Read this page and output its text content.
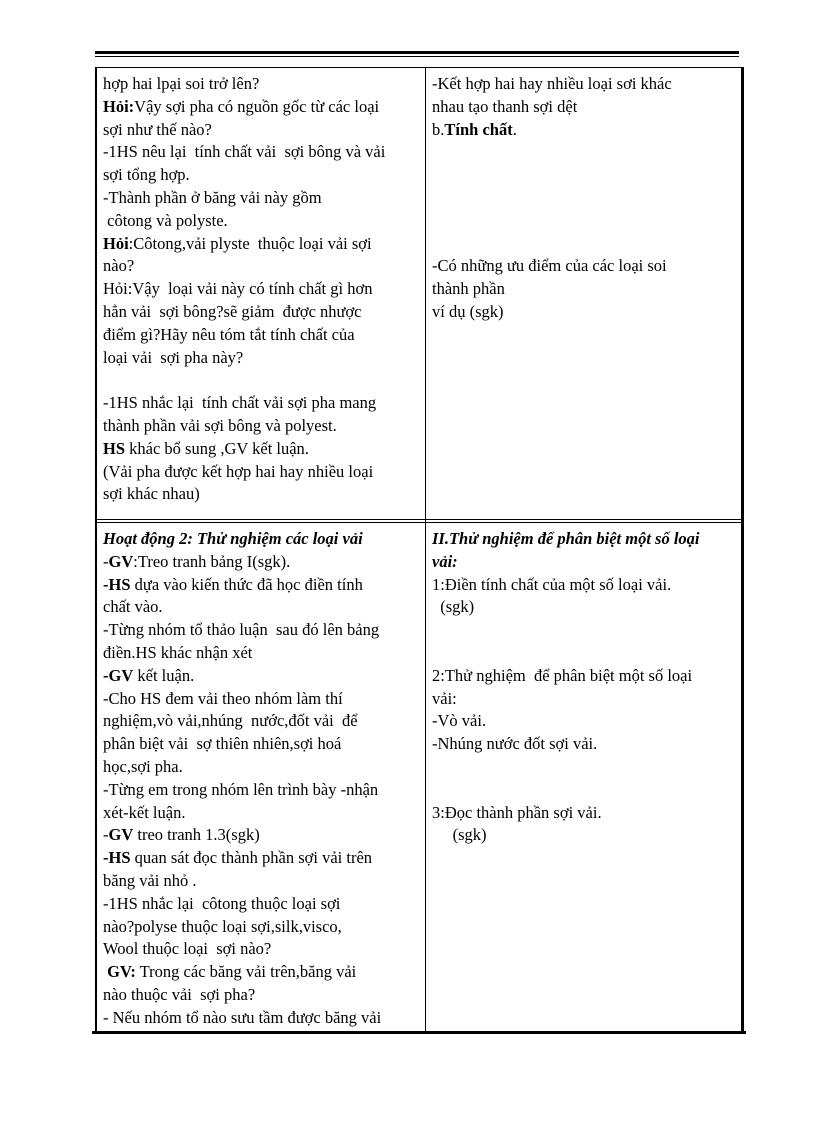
hợp hai lpại soi trở lên?
Hỏi:Vậy sợi pha có nguồn gốc từ các loại
sợi như thế nào?
-1HS nêu lại  tính chất vải  sợi bông và vải
sợi tổng hợp.
-Thành phần ở băng vải này gồm
côtong và polyste.
Hỏi:Côtong,vải plyste  thuộc loại vải sợi
nào?
Hỏi:Vậy  loại vải này có tính chất gì hơn
hẳn vải  sợi bông?sẽ giảm  được nhược
điểm gì?Hãy nêu tóm tắt tính chất của
loại vải  sợi pha này?
-1HS nhắc lại  tính chất vải sợi pha mang
thành phần vải sợi bông và polyest.
HS khác bổ sung ,GV kết luận.
(Vải pha được kết hợp hai hay nhiều loại
sợi khác nhau)
-Kết hợp hai hay nhiều loại sơi khác
nhau tạo thanh sợi dệt
b.Tính chất.
-Có những ưu điểm của các loại soi
thành phần
ví dụ (sgk)
Hoạt động 2: Thử nghiệm các loại vải
-GV:Treo tranh bảng I(sgk).
-HS dựa vào kiến thức đã học điền tính
chất vào.
-Từng nhóm tổ thảo luận  sau đó lên bảng
điền.HS khác nhận xét
-GV kết luận.
-Cho HS đem vải theo nhóm làm thí
nghiệm,vò vải,nhúng  nước,đốt vải  để
phân biệt vải  sợ thiên nhiên,sợi hoá
học,sợi pha.
-Từng em trong nhóm lên trình bày -nhận
xét-kết luận.
-GV treo tranh 1.3(sgk)
-HS quan sát đọc thành phần sợi vải trên
băng vải nhỏ .
-1HS nhắc lại  côtong thuộc loại sợi
nào?polyse thuộc loại sợi,silk,visco,
Wool thuộc loại  sợi nào?
GV: Trong các băng vải trên,băng vải
nào thuộc vải  sợi pha?
- Nếu nhóm tổ nào sưu tầm được băng vải
II.Thử nghiệm để phân biệt một số loại
vải:
1:Điền tính chất của một số loại vải.
(sgk)
2:Thử nghiệm  để phân biệt một số loại
vải:
-Vò vải.
-Nhúng nước đốt sợi vải.
3:Đọc thành phần sợi vải.
(sgk)
